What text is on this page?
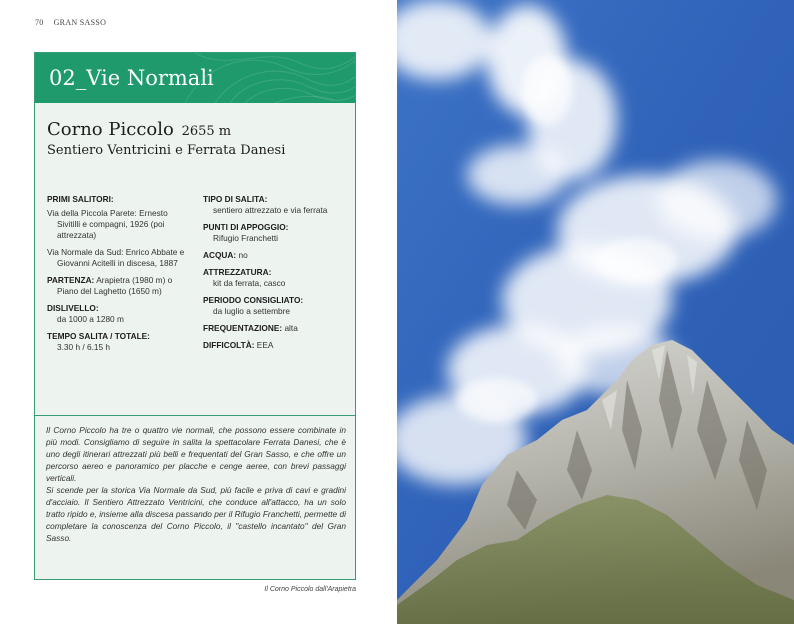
70 GRAN SASSO
02_Vie Normali
Corno Piccolo 2655 m
Sentiero Ventricini e Ferrata Danesi
PRIMI SALITORI:
Via della Piccola Parete: Ernesto Sivitilli e compagni, 1926 (poi attrezzata)
Via Normale da Sud: Enrico Abbate e Giovanni Acitelli in discesa, 1887
PARTENZA: Arapietra (1980 m) o Piano del Laghetto (1650 m)
DISLIVELLO:
da 1000 a 1280 m
TEMPO SALITA / TOTALE:
3.30 h / 6.15 h
TIPO DI SALITA:
sentiero attrezzato e via ferrata
PUNTI DI APPOGGIO:
Rifugio Franchetti
ACQUA: no
ATTREZZATURA:
kit da ferrata, casco
PERIODO CONSIGLIATO:
da luglio a settembre
FREQUENTAZIONE: alta
DIFFICOLTÀ: EEA

Il Corno Piccolo ha tre o quattro vie normali, che possono essere combinate in più modi. Consigliamo di seguire in salita la spettacolare Ferrata Danesi, che è uno degli itinerari attrezzati più belli e frequentati del Gran Sasso, e che offre un percorso aereo e panoramico per placche e cenge aeree, con brevi passaggi verticali.

Si scende per la storica Via Normale da Sud, più facile e priva di cavi e gradini d'acciaio. Il Sentiero Attrezzato Ventricini, che conduce all'attacco, ha un solo tratto ripido e, insieme alla discesa passando per il Rifugio Franchetti, permette di completare la conoscenza del Corno Piccolo, il "castello incantato" del Gran Sasso.

Il Corno Piccolo dall'Arapietra
